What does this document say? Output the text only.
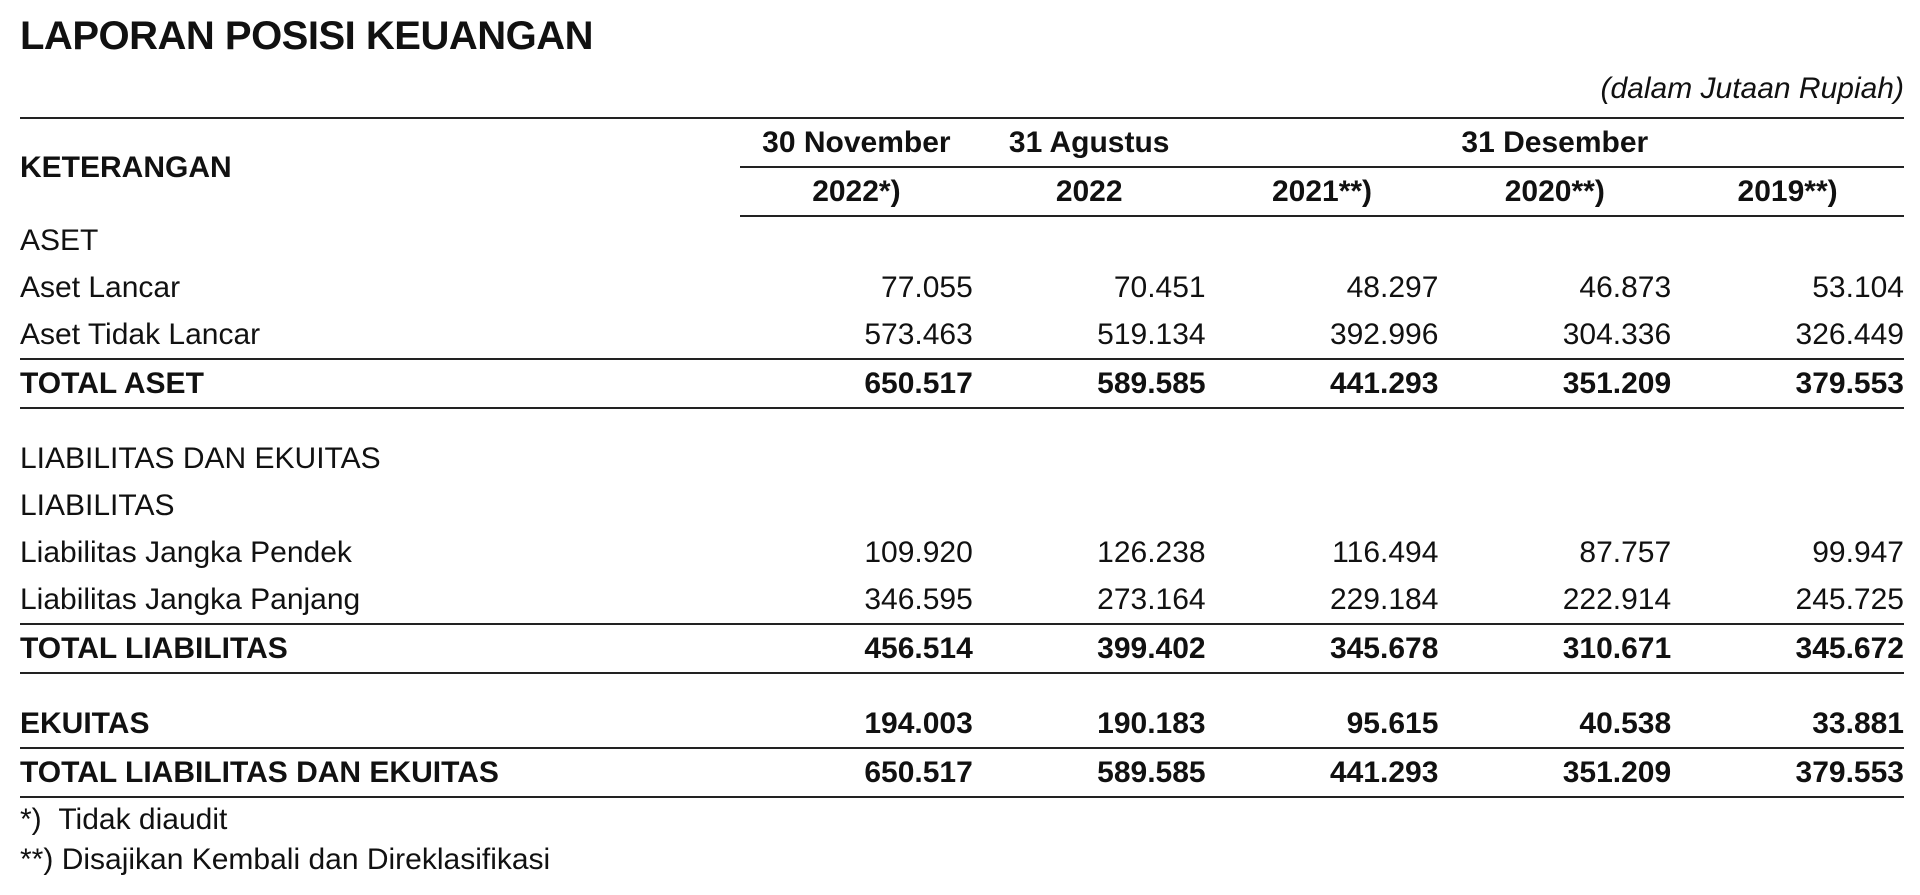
LAPORAN POSISI KEUANGAN
(dalam Jutaan Rupiah)
KETERANGAN	30 November	31 Agustus	31 Desember		
	2022*)	2022	2021**)	2020**)	2019**)
ASET					
Aset Lancar	77.055	70.451	48.297	46.873	53.104
Aset Tidak Lancar	573.463	519.134	392.996	304.336	326.449
TOTAL ASET	650.517	589.585	441.293	351.209	379.553

LIABILITAS DAN EKUITAS					
LIABILITAS					
Liabilitas Jangka Pendek	109.920	126.238	116.494	87.757	99.947
Liabilitas Jangka Panjang	346.595	273.164	229.184	222.914	245.725
TOTAL LIABILITAS	456.514	399.402	345.678	310.671	345.672

EKUITAS	194.003	190.183	95.615	40.538	33.881
TOTAL LIABILITAS DAN EKUITAS	650.517	589.585	441.293	351.209	379.553
*) Tidak diaudit
**) Disajikan Kembali dan Direklasifikasi
